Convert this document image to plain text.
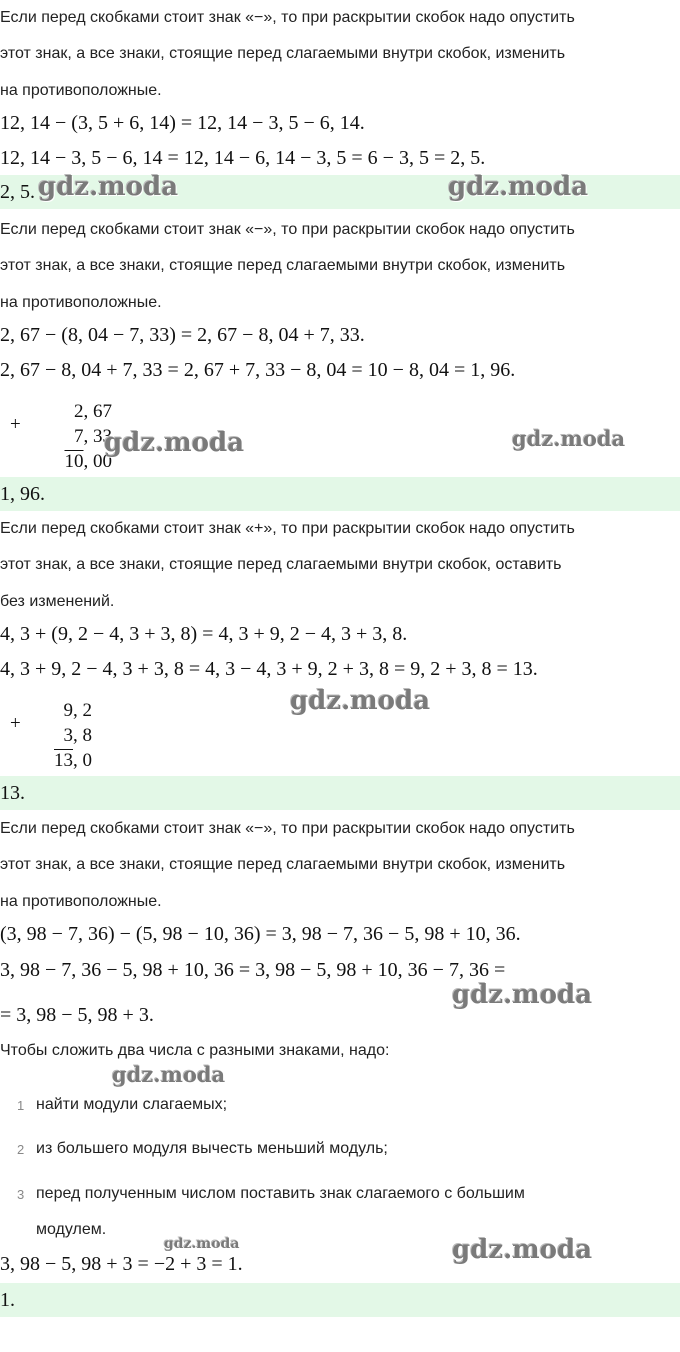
Если перед скобками стоит знак «−», то при раскрытии скобок надо опустить
этот знак, а все знаки, стоящие перед слагаемыми внутри скобок, изменить
на противоположные.
12, 14 − (3, 5 + 6, 14) = 12, 14 − 3, 5 − 6, 14.
12, 14 − 3, 5 − 6, 14 = 12, 14 − 6, 14 − 3, 5 = 6 − 3, 5 = 2, 5.
2, 5. gdz.moda	gdz.moda
Если перед скобками стоит знак «−», то при раскрытии скобок надо опустить
этот знак, а все знаки, стоящие перед слагаемыми внутри скобок, изменить
на противоположные.
2, 67 − (8, 04 − 7, 33) = 2, 67 − 8, 04 + 7, 33.
2, 67 − 8, 04 + 7, 33 = 2, 67 + 7, 33 − 8, 04 = 10 − 8, 04 = 1, 96.
+
2, 67
7, 33
10, 00
gdz.moda	gdz.moda
1, 96.
Если перед скобками стоит знак «+», то при раскрытии скобок надо опустить
этот знак, а все знаки, стоящие перед слагаемыми внутри скобок, оставить
без изменений.
4, 3 + (9, 2 − 4, 3 + 3, 8) = 4, 3 + 9, 2 − 4, 3 + 3, 8.
4, 3 + 9, 2 − 4, 3 + 3, 8 = 4, 3 − 4, 3 + 9, 2 + 3, 8 = 9, 2 + 3, 8 = 13.
+
9, 2
3, 8
13, 0
gdz.moda
13.
Если перед скобками стоит знак «−», то при раскрытии скобок надо опустить
этот знак, а все знаки, стоящие перед слагаемыми внутри скобок, изменить
на противоположные.
(3, 98 − 7, 36) − (5, 98 − 10, 36) = 3, 98 − 7, 36 − 5, 98 + 10, 36.
3, 98 − 7, 36 − 5, 98 + 10, 36 = 3, 98 − 5, 98 + 10, 36 − 7, 36 =
gdz.moda
= 3, 98 − 5, 98 + 3.
Чтобы сложить два числа с разными знаками, надо:
gdz.moda
1 найти модули слагаемых;
2 из большего модуля вычесть меньший модуль;
3 перед полученным числом поставить знак слагаемого с большим
модулем.
gdz.moda
3, 98 − 5, 98 + 3 = −2 + 3 = 1.	gdz.moda
1.
